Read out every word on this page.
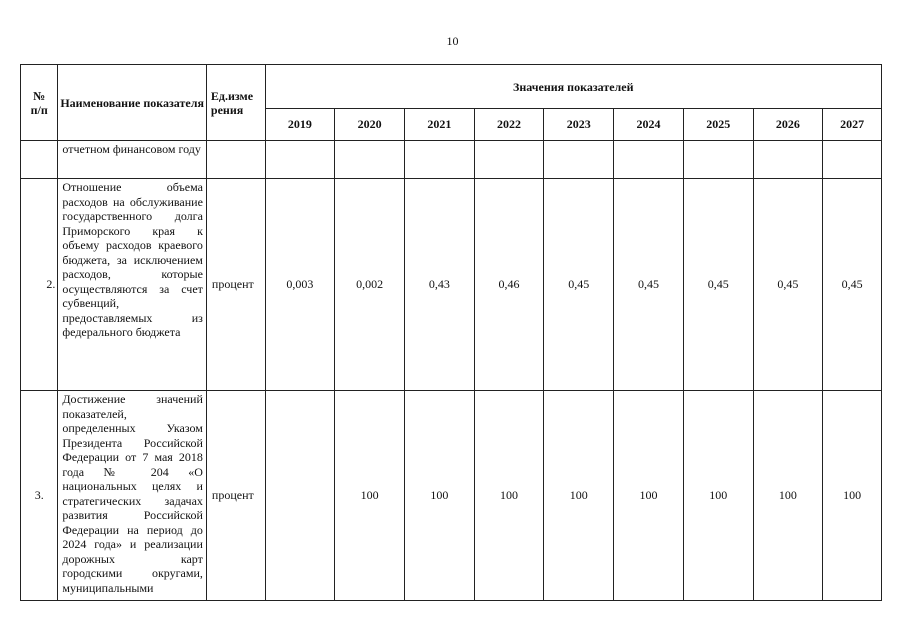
10
№
п/п	Наименование показателя	Ед.изме рения	Значения показателей								
			2019	2020	2021	2022	2023	2024	2025	2026	2027
	отчетном финансовом году										
2.	Отношение объема расходов на обслуживание государственного долга Приморского края к объему расходов краевого бюджета, за исключением расходов, которые осуществляются за счет субвенций, предоставляемых из федерального бюджета	процент	0,003	0,002	0,43	0,46	0,45	0,45	0,45	0,45	0,45
3.	Достижение значений показателей, определенных Указом Президента Российской Федерации от 7 мая 2018 года № 204 «О национальных целях и стратегических задачах развития Российской Федерации на период до 2024 года» и реализации дорожных карт городскими округами, муниципальными	процент		100	100	100	100	100	100	100	100
